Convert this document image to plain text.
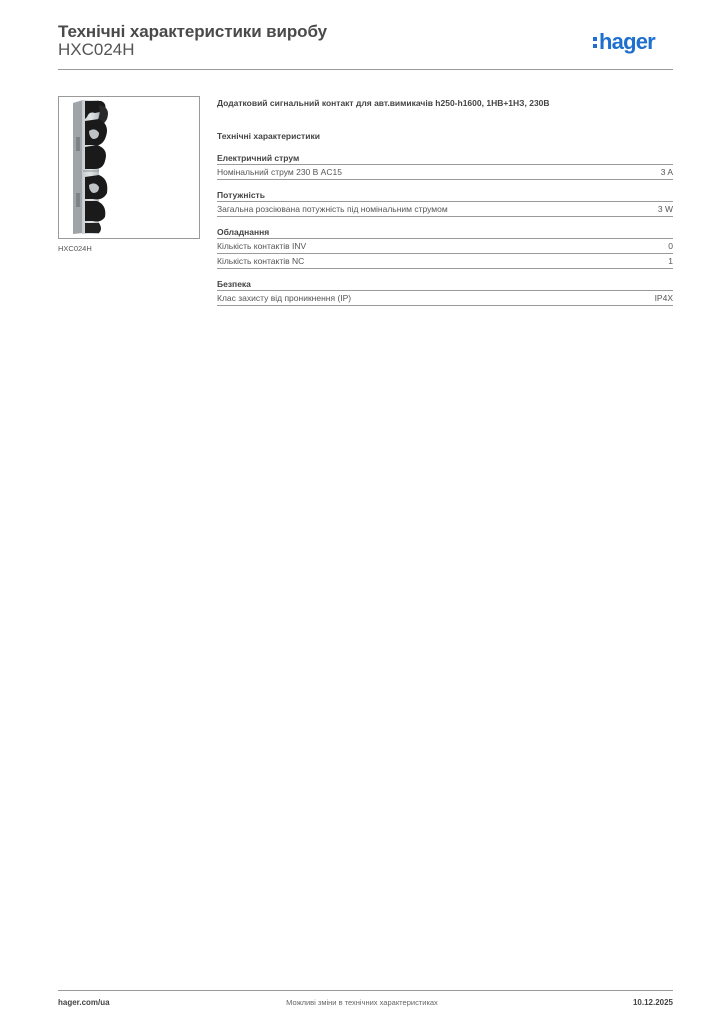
Технічні характеристики виробу
HXC024H	hager
HXC024H

Додатковий сигнальний контакт для авт.вимикачів h250-h1600, 1НВ+1НЗ, 230В

Технічні характеристики
Електричний струм
Номінальний струм 230 В AC15	3 A
Потужність
Загальна розсіювана потужність під номінальним струмом	3 W
Обладнання
Кількість контактів INV	0
Кількість контактів NC	1
Безпека
Клас захисту від проникнення (IP)	IP4X
hager.com/ua	Можливі зміни в технічних характеристиках	10.12.2025
